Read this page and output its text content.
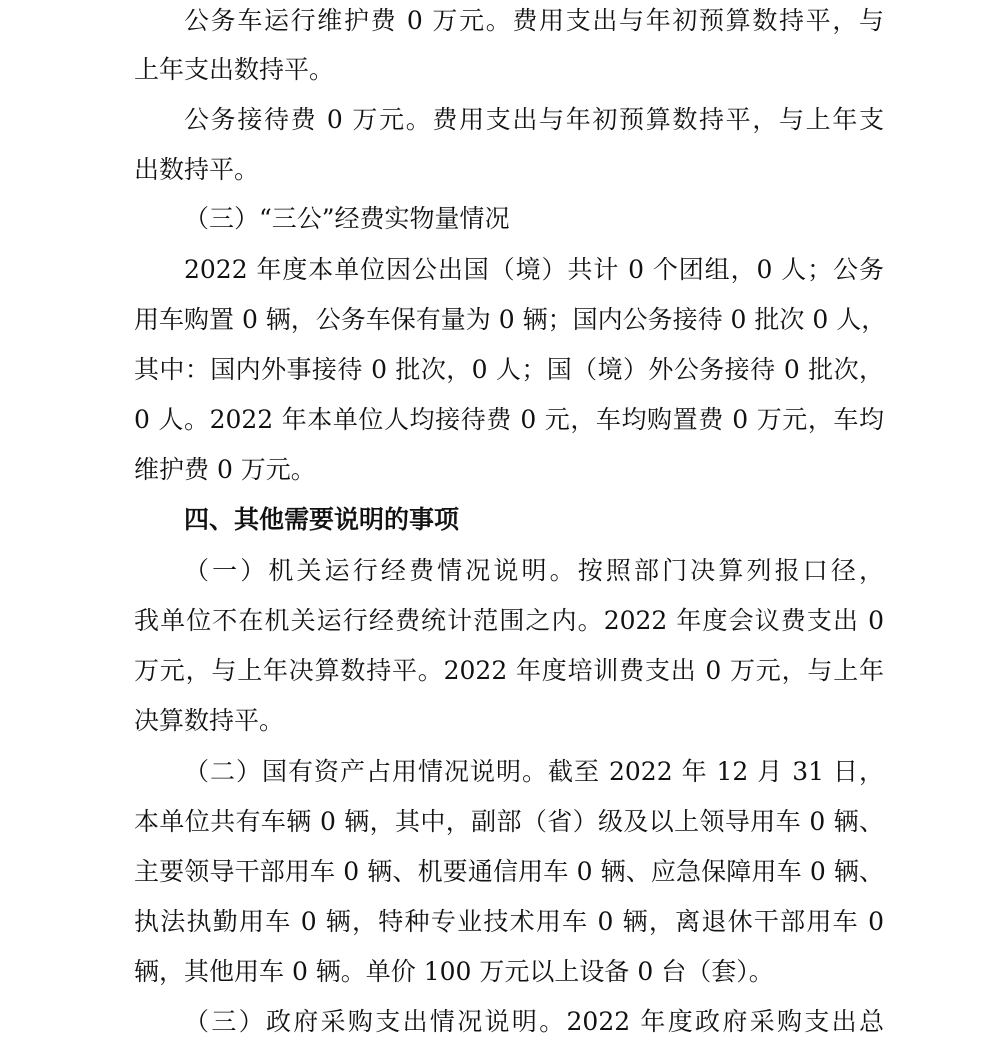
公务车运行维护费 0 万元。费用支出与年初预算数持平，与
上年支出数持平。
公务接待费 0 万元。费用支出与年初预算数持平，与上年支
出数持平。
（三）“三公”经费实物量情况
2022 年度本单位因公出国（境）共计 0 个团组，0 人；公务
用车购置 0 辆，公务车保有量为 0 辆；国内公务接待 0 批次 0 人，
其中：国内外事接待 0 批次，0 人；国（境）外公务接待 0 批次，
0 人。2022 年本单位人均接待费 0 元，车均购置费 0 万元，车均
维护费 0 万元。
四、其他需要说明的事项
（一）机关运行经费情况说明。按照部门决算列报口径，
我单位不在机关运行经费统计范围之内。2022 年度会议费支出 0
万元，与上年决算数持平。2022 年度培训费支出 0 万元，与上年
决算数持平。
（二）国有资产占用情况说明。截至 2022 年 12 月 31 日，
本单位共有车辆 0 辆，其中，副部（省）级及以上领导用车 0 辆、
主要领导干部用车 0 辆、机要通信用车 0 辆、应急保障用车 0 辆、
执法执勤用车 0 辆，特种专业技术用车 0 辆，离退休干部用车 0
辆，其他用车 0 辆。单价 100 万元以上设备 0 台（套）。
（三）政府采购支出情况说明。2022 年度政府采购支出总
